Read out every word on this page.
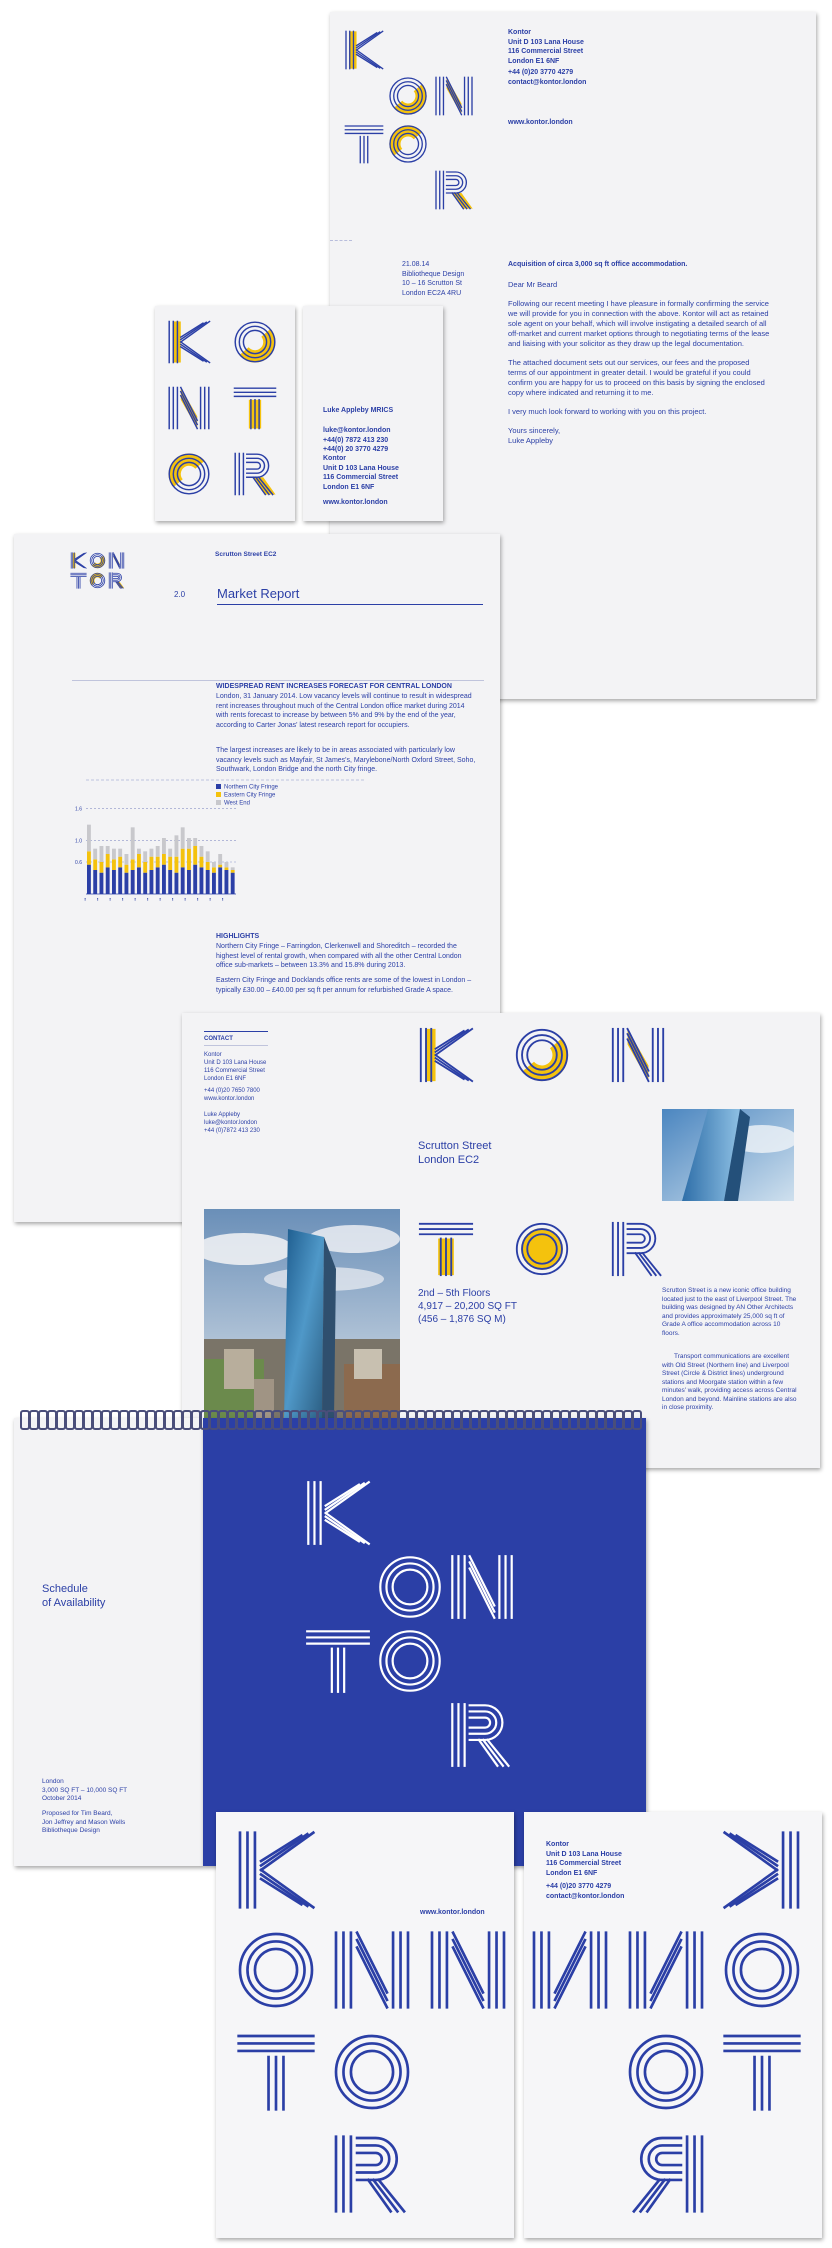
Kontor
Unit D 103 Lana House
116 Commercial Street
London E1 6NF
+44 (0)20 3770 4279
contact@kontor.london
www.kontor.london
21.08.14
Bibliotheque Design
10 – 16 Scrutton St
London EC2A 4RU
Acquisition of circa 3,000 sq ft office accommodation.

Dear Mr Beard

Following our recent meeting I have pleasure in formally confirming the service we will provide for you in connection with the above. Kontor will act as retained sole agent on your behalf, which will involve instigating a detailed search of all off-market and current market options through to negotiating terms of the lease and liaising with your solicitor as they draw up the legal documentation.

The attached document sets out our services, our fees and the proposed terms of our appointment in greater detail. I would be grateful if you could confirm you are happy for us to proceed on this basis by signing the enclosed copy where indicated and returning it to me.

I very much look forward to working with you on this project.

Yours sincerely,
Luke Appleby

Luke Appleby MRICS
luke@kontor.london
+44(0) 7872 413 230
+44(0) 20 3770 4279
Kontor
Unit D 103 Lana House
116 Commercial Street
London E1 6NF
www.kontor.london
Scrutton Street EC2
2.0 Market Report
WIDESPREAD RENT INCREASES FORECAST FOR CENTRAL LONDON
London, 31 January 2014. Low vacancy levels will continue to result in widespread rent increases throughout much of the Central London office market during 2014 with rents forecast to increase by between 5% and 9% by the end of the year, according to Carter Jonas' latest research report for occupiers.
The largest increases are likely to be in areas associated with particularly low vacancy levels such as Mayfair, St James's, Marylebone/North Oxford Street, Soho, Southwark, London Bridge and the north City fringe.
1.6
1.0
0.6
▪▪ ▪▪ ▪▪ ▪▪ ▪▪ ▪▪ ▪▪ ▪▪ ▪▪ ▪▪ ▪▪ ▪▪
Northern City Fringe
Eastern City Fringe
West End
HIGHLIGHTS
Northern City Fringe – Farringdon, Clerkenwell and Shoreditch – recorded the highest level of rental growth, when compared with all the other Central London office sub-markets – between 13.3% and 15.8% during 2013.
Eastern City Fringe and Docklands office rents are some of the lowest in London – typically £30.00 – £40.00 per sq ft per annum for refurbished Grade A space.
CONTACT
Kontor
Unit D 103 Lana House
116 Commercial Street
London E1 6NF
+44 (0)20 7650 7800
www.kontor.london
Luke Appleby
luke@kontor.london
+44 (0)7872 413 230
Scrutton Street
London EC2
2nd – 5th Floors
4,917 – 20,200 SQ FT
(456 – 1,876 SQ M)
Scrutton Street is a new iconic office building located just to the east of Liverpool Street. The building was designed by AN Other Architects and provides approximately 25,000 sq ft of Grade A office accommodation across 10 floors.
Transport communications are excellent with Old Street (Northern line) and Liverpool Street (Circle & District lines) underground stations and Moorgate station within a few minutes' walk, providing access across Central London and beyond. Mainline stations are also in close proximity.
Schedule
of Availability
London
3,000 SQ FT – 10,000 SQ FT
October 2014
Proposed for Tim Beard,
Jon Jeffrey and Mason Wells
Bibliotheque Design
www.kontor.london
Kontor
Unit D 103 Lana House
116 Commercial Street
London E1 6NF
+44 (0)20 3770 4279
contact@kontor.london
